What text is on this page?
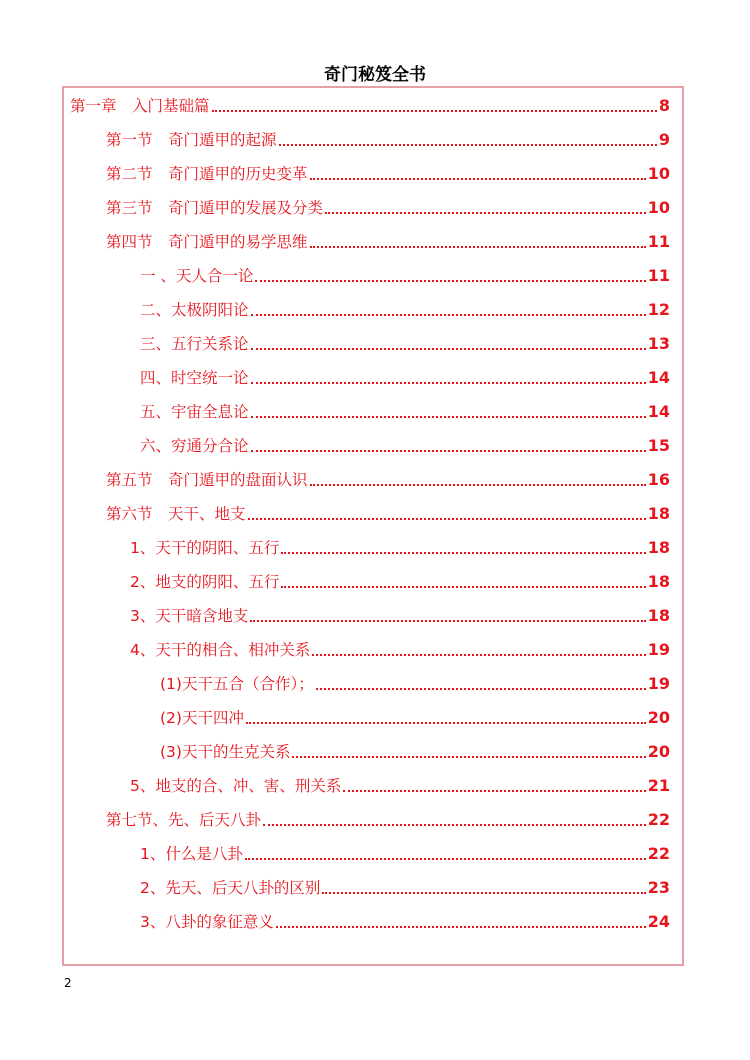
奇门秘笈全书
第一章　入门基础篇	8
第一节　奇门遁甲的起源	9
第二节　奇门遁甲的历史变革	10
第三节　奇门遁甲的发展及分类	10
第四节　奇门遁甲的易学思维	11
一 、天人合一论	11
二、太极阴阳论	12
三、五行关系论	13
四、时空统一论	14
五、宇宙全息论	14
六、穷通分合论	15
第五节　奇门遁甲的盘面认识	16
第六节　天干、地支	18
1、天干的阴阳、五行	18
2、地支的阴阳、五行	18
3、天干暗含地支	18
4、天干的相合、相冲关系	19
(1)天干五合（合作）；	19
(2)天干四冲	20
(3)天干的生克关系	20
5、地支的合、冲、害、刑关系	21
第七节、先、后天八卦	22
1、什么是八卦	22
2、先天、后天八卦的区别	23
3、八卦的象征意义	24
2
